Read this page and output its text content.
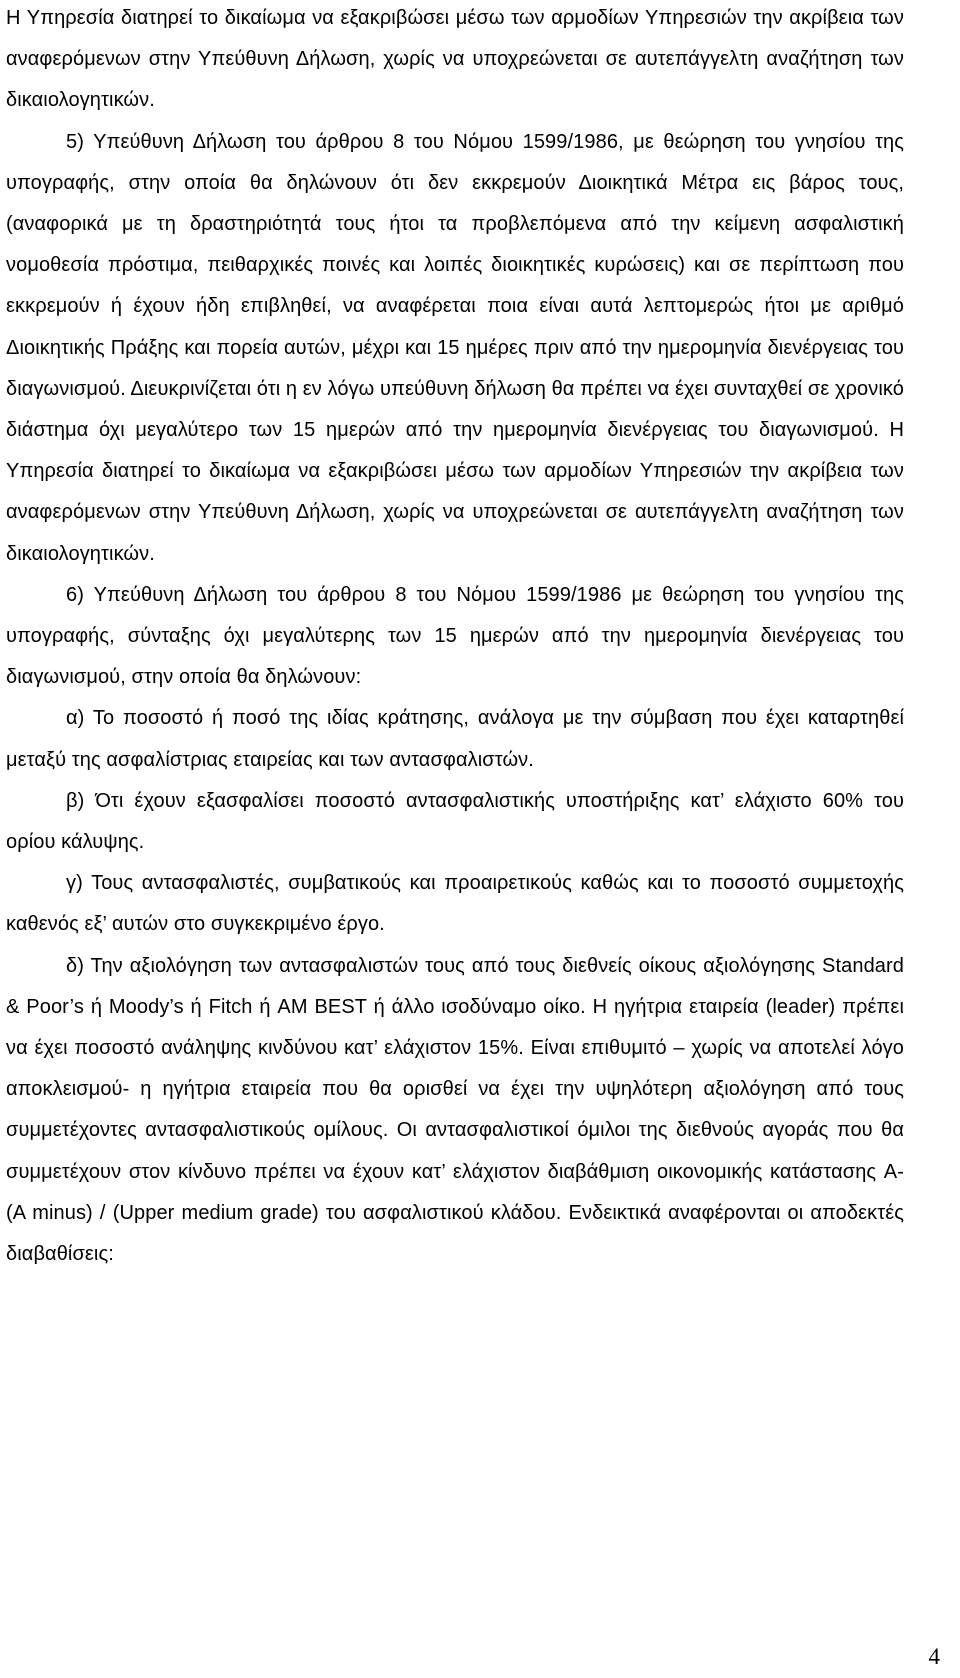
Η Υπηρεσία διατηρεί το δικαίωμα να εξακριβώσει μέσω των αρμοδίων Υπηρεσιών την ακρίβεια των αναφερόμενων στην Υπεύθυνη Δήλωση, χωρίς να υποχρεώνεται σε αυτεπάγγελτη αναζήτηση των δικαιολογητικών.

5) Υπεύθυνη Δήλωση του άρθρου 8 του Νόμου 1599/1986, με θεώρηση του γνησίου της υπογραφής, στην οποία θα δηλώνουν ότι δεν εκκρεμούν Διοικητικά Μέτρα εις βάρος τους, (αναφορικά με τη δραστηριότητά τους ήτοι τα προβλεπόμενα από την κείμενη ασφαλιστική νομοθεσία πρόστιμα, πειθαρχικές ποινές και λοιπές διοικητικές κυρώσεις) και σε περίπτωση που εκκρεμούν ή έχουν ήδη επιβληθεί, να αναφέρεται ποια είναι αυτά λεπτομερώς ήτοι με αριθμό Διοικητικής Πράξης και πορεία αυτών, μέχρι και 15 ημέρες πριν από την ημερομηνία διενέργειας του διαγωνισμού. Διευκρινίζεται ότι η εν λόγω υπεύθυνη δήλωση θα πρέπει να έχει συνταχθεί σε χρονικό διάστημα όχι μεγαλύτερο των 15 ημερών από την ημερομηνία διενέργειας του διαγωνισμού. Η Υπηρεσία διατηρεί το δικαίωμα να εξακριβώσει μέσω των αρμοδίων Υπηρεσιών την ακρίβεια των αναφερόμενων στην Υπεύθυνη Δήλωση, χωρίς να υποχρεώνεται σε αυτεπάγγελτη αναζήτηση των δικαιολογητικών.

6) Υπεύθυνη Δήλωση του άρθρου 8 του Νόμου 1599/1986 με θεώρηση του γνησίου της υπογραφής, σύνταξης όχι μεγαλύτερης των 15 ημερών από την ημερομηνία διενέργειας του διαγωνισμού, στην οποία θα δηλώνουν:

α) Το ποσοστό ή ποσό της ιδίας κράτησης, ανάλογα με την σύμβαση που έχει καταρτηθεί μεταξύ της ασφαλίστριας εταιρείας και των αντασφαλιστών.

β) Ότι έχουν εξασφαλίσει ποσοστό αντασφαλιστικής υποστήριξης κατ’ ελάχιστο 60% του ορίου κάλυψης.

γ) Τους αντασφαλιστές, συμβατικούς και προαιρετικούς καθώς και το ποσοστό συμμετοχής καθενός εξ’ αυτών στο συγκεκριμένο έργο.

δ) Την αξιολόγηση των αντασφαλιστών τους από τους διεθνείς οίκους αξιολόγησης Standard & Poor’s ή Moody’s ή Fitch ή AM BEST ή άλλο ισοδύναμο οίκο. Η ηγήτρια εταιρεία (leader) πρέπει να έχει ποσοστό ανάληψης κινδύνου κατ’ ελάχιστον 15%. Είναι επιθυμιτό – χωρίς να αποτελεί λόγο αποκλεισμού- η ηγήτρια εταιρεία που θα ορισθεί να έχει την υψηλότερη αξιολόγηση από τους συμμετέχοντες αντασφαλιστικούς ομίλους. Οι αντασφαλιστικοί όμιλοι της διεθνούς αγοράς που θα συμμετέχουν στον κίνδυνο πρέπει να έχουν κατ’ ελάχιστον διαβάθμιση οικονομικής κατάστασης A- (A minus) / (Upper medium grade) του ασφαλιστικού κλάδου. Ενδεικτικά αναφέρονται οι αποδεκτές διαβαθίσεις:

4
